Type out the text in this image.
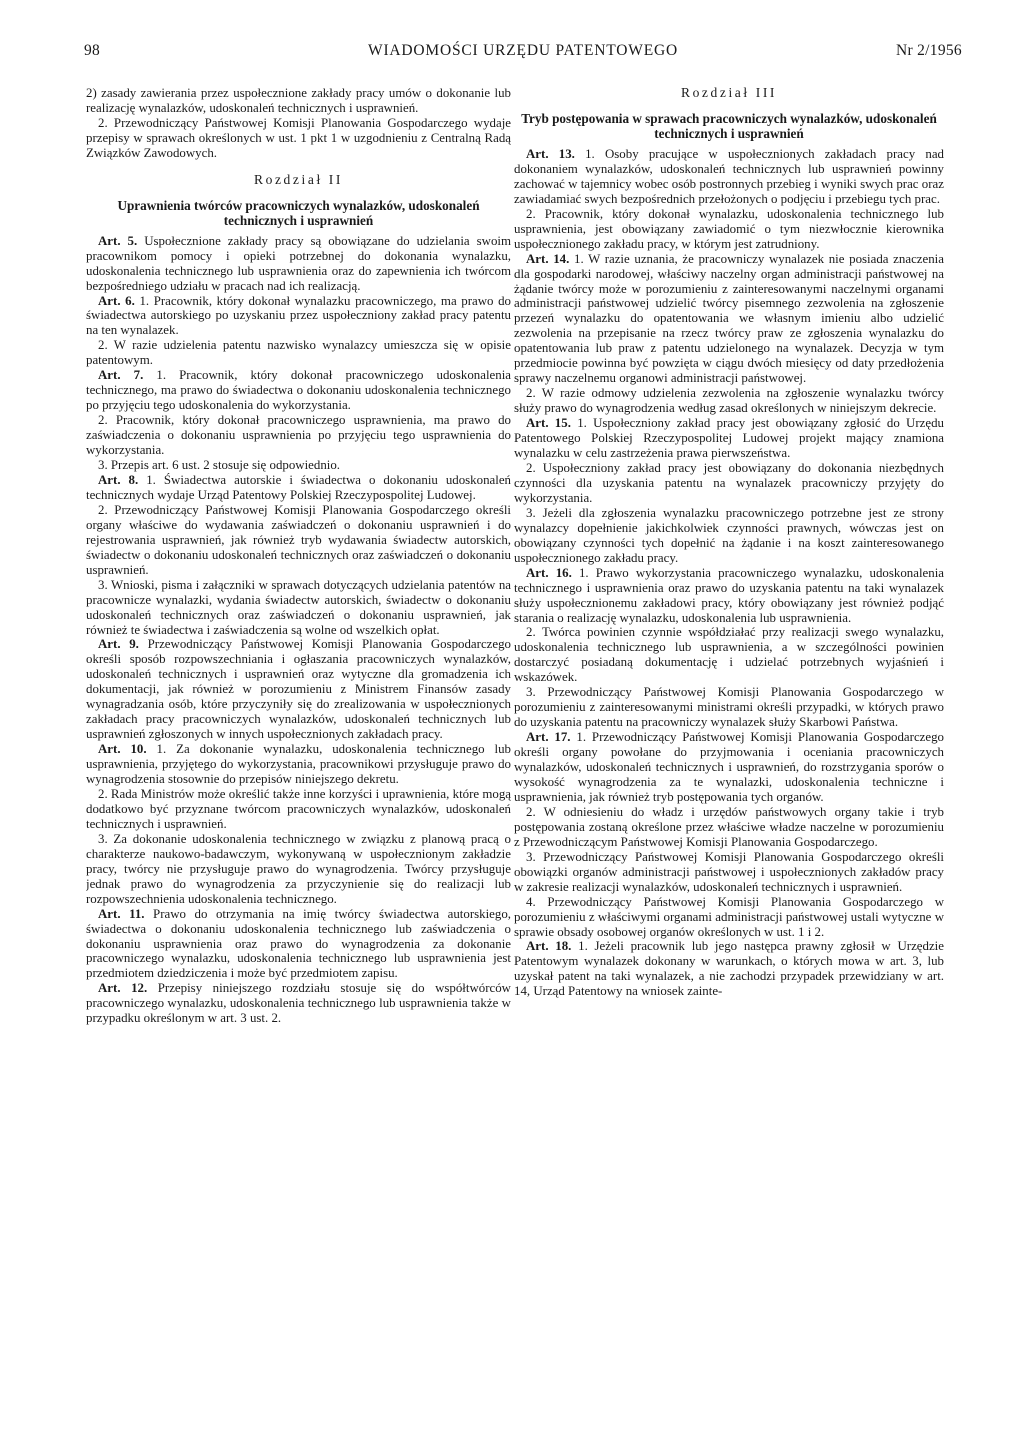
98	WIADOMOŚCI URZĘDU PATENTOWEGO	Nr 2/1956

2) zasady zawierania przez uspołecznione zakłady pracy umów o dokonanie lub realizację wynalazków, udoskonaleń technicznych i usprawnień.

2. Przewodniczący Państwowej Komisji Planowania Gospodarczego wydaje przepisy w sprawach określonych w ust. 1 pkt 1 w uzgodnieniu z Centralną Radą Związków Zawodowych.

Rozdział II
Uprawnienia twórców pracowniczych wynalazków, udoskonaleń technicznych i usprawnień

Art. 5. Uspołecznione zakłady pracy są obowiązane do udzielania swoim pracownikom pomocy i opieki potrzebnej do dokonania wynalazku, udoskonalenia technicznego lub usprawnienia oraz do zapewnienia ich twórcom bezpośredniego udziału w pracach nad ich realizacją.

Art. 6. 1. Pracownik, który dokonał wynalazku pracowniczego, ma prawo do świadectwa autorskiego po uzyskaniu przez uspołeczniony zakład pracy patentu na ten wynalazek.

2. W razie udzielenia patentu nazwisko wynalazcy umieszcza się w opisie patentowym.

Art. 7. 1. Pracownik, który dokonał pracowniczego udoskonalenia technicznego, ma prawo do świadectwa o dokonaniu udoskonalenia technicznego po przyjęciu tego udoskonalenia do wykorzystania.

2. Pracownik, który dokonał pracowniczego usprawnienia, ma prawo do zaświadczenia o dokonaniu usprawnienia po przyjęciu tego usprawnienia do wykorzystania.

3. Przepis art. 6 ust. 2 stosuje się odpowiednio.

Art. 8. 1. Świadectwa autorskie i świadectwa o dokonaniu udoskonaleń technicznych wydaje Urząd Patentowy Polskiej Rzeczypospolitej Ludowej.

2. Przewodniczący Państwowej Komisji Planowania Gospodarczego określi organy właściwe do wydawania zaświadczeń o dokonaniu usprawnień i do rejestrowania usprawnień, jak również tryb wydawania świadectw autorskich, świadectw o dokonaniu udoskonaleń technicznych oraz zaświadczeń o dokonaniu usprawnień.

3. Wnioski, pisma i załączniki w sprawach dotyczących udzielania patentów na pracownicze wynalazki, wydania świadectw autorskich, świadectw o dokonaniu udoskonaleń technicznych oraz zaświadczeń o dokonaniu usprawnień, jak również te świadectwa i zaświadczenia są wolne od wszelkich opłat.

Art. 9. Przewodniczący Państwowej Komisji Planowania Gospodarczego określi sposób rozpowszechniania i ogłaszania pracowniczych wynalazków, udoskonaleń technicznych i usprawnień oraz wytyczne dla gromadzenia ich dokumentacji, jak również w porozumieniu z Ministrem Finansów zasady wynagradzania osób, które przyczyniły się do zrealizowania w uspołecznionych zakładach pracy pracowniczych wynalazków, udoskonaleń technicznych lub usprawnień zgłoszonych w innych uspołecznionych zakładach pracy.

Art. 10. 1. Za dokonanie wynalazku, udoskonalenia technicznego lub usprawnienia, przyjętego do wykorzystania, pracownikowi przysługuje prawo do wynagrodzenia stosownie do przepisów niniejszego dekretu.

2. Rada Ministrów może określić także inne korzyści i uprawnienia, które mogą dodatkowo być przyznane twórcom pracowniczych wynalazków, udoskonaleń technicznych i usprawnień.

3. Za dokonanie udoskonalenia technicznego w związku z planową pracą o charakterze naukowo-badawczym, wykonywaną w uspołecznionym zakładzie pracy, twórcy nie przysługuje prawo do wynagrodzenia. Twórcy przysługuje jednak prawo do wynagrodzenia za przyczynienie się do realizacji lub rozpowszechnienia udoskonalenia technicznego.

Art. 11. Prawo do otrzymania na imię twórcy świadectwa autorskiego, świadectwa o dokonaniu udoskonalenia technicznego lub zaświadczenia o dokonaniu usprawnienia oraz prawo do wynagrodzenia za dokonanie pracowniczego wynalazku, udoskonalenia technicznego lub usprawnienia jest przedmiotem dziedziczenia i może być przedmiotem zapisu.

Art. 12. Przepisy niniejszego rozdziału stosuje się do współtwórców pracowniczego wynalazku, udoskonalenia technicznego lub usprawnienia także w przypadku określonym w art. 3 ust. 2.

Rozdział III
Tryb postępowania w sprawach pracowniczych wynalazków, udoskonaleń technicznych i usprawnień

Art. 13. 1. Osoby pracujące w uspołecznionych zakładach pracy nad dokonaniem wynalazków, udoskonaleń technicznych lub usprawnień powinny zachować w tajemnicy wobec osób postronnych przebieg i wyniki swych prac oraz zawiadamiać swych bezpośrednich przełożonych o podjęciu i przebiegu tych prac.

2. Pracownik, który dokonał wynalazku, udoskonalenia technicznego lub usprawnienia, jest obowiązany zawiadomić o tym niezwłocznie kierownika uspołecznionego zakładu pracy, w którym jest zatrudniony.

Art. 14. 1. W razie uznania, że pracowniczy wynalazek nie posiada znaczenia dla gospodarki narodowej, właściwy naczelny organ administracji państwowej na żądanie twórcy może w porozumieniu z zainteresowanymi naczelnymi organami administracji państwowej udzielić twórcy pisemnego zezwolenia na zgłoszenie przezeń wynalazku do opatentowania we własnym imieniu albo udzielić zezwolenia na przepisanie na rzecz twórcy praw ze zgłoszenia wynalazku do opatentowania lub praw z patentu udzielonego na wynalazek. Decyzja w tym przedmiocie powinna być powzięta w ciągu dwóch miesięcy od daty przedłożenia sprawy naczelnemu organowi administracji państwowej.

2. W razie odmowy udzielenia zezwolenia na zgłoszenie wynalazku twórcy służy prawo do wynagrodzenia według zasad określonych w niniejszym dekrecie.

Art. 15. 1. Uspołeczniony zakład pracy jest obowiązany zgłosić do Urzędu Patentowego Polskiej Rzeczypospolitej Ludowej projekt mający znamiona wynalazku w celu zastrzeżenia prawa pierwszeństwa.

2. Uspołeczniony zakład pracy jest obowiązany do dokonania niezbędnych czynności dla uzyskania patentu na wynalazek pracowniczy przyjęty do wykorzystania.

3. Jeżeli dla zgłoszenia wynalazku pracowniczego potrzebne jest ze strony wynalazcy dopełnienie jakichkolwiek czynności prawnych, wówczas jest on obowiązany czynności tych dopełnić na żądanie i na koszt zainteresowanego uspołecznionego zakładu pracy.

Art. 16. 1. Prawo wykorzystania pracowniczego wynalazku, udoskonalenia technicznego i usprawnienia oraz prawo do uzyskania patentu na taki wynalazek służy uspołecznionemu zakładowi pracy, który obowiązany jest również podjąć starania o realizację wynalazku, udoskonalenia lub usprawnienia.

2. Twórca powinien czynnie współdziałać przy realizacji swego wynalazku, udoskonalenia technicznego lub usprawnienia, a w szczególności powinien dostarczyć posiadaną dokumentację i udzielać potrzebnych wyjaśnień i wskazówek.

3. Przewodniczący Państwowej Komisji Planowania Gospodarczego w porozumieniu z zainteresowanymi ministrami określi przypadki, w których prawo do uzyskania patentu na pracowniczy wynalazek służy Skarbowi Państwa.

Art. 17. 1. Przewodniczący Państwowej Komisji Planowania Gospodarczego określi organy powołane do przyjmowania i oceniania pracowniczych wynalazków, udoskonaleń technicznych i usprawnień, do rozstrzygania sporów o wysokość wynagrodzenia za te wynalazki, udoskonalenia techniczne i usprawnienia, jak również tryb postępowania tych organów.

2. W odniesieniu do władz i urzędów państwowych organy takie i tryb postępowania zostaną określone przez właściwe władze naczelne w porozumieniu z Przewodniczącym Państwowej Komisji Planowania Gospodarczego.

3. Przewodniczący Państwowej Komisji Planowania Gospodarczego określi obowiązki organów administracji państwowej i uspołecznionych zakładów pracy w zakresie realizacji wynalazków, udoskonaleń technicznych i usprawnień.

4. Przewodniczący Państwowej Komisji Planowania Gospodarczego w porozumieniu z właściwymi organami administracji państwowej ustali wytyczne w sprawie obsady osobowej organów określonych w ust. 1 i 2.

Art. 18. 1. Jeżeli pracownik lub jego następca prawny zgłosił w Urzędzie Patentowym wynalazek dokonany w warunkach, o których mowa w art. 3, lub uzyskał patent na taki wynalazek, a nie zachodzi przypadek przewidziany w art. 14, Urząd Patentowy na wniosek zainte-
